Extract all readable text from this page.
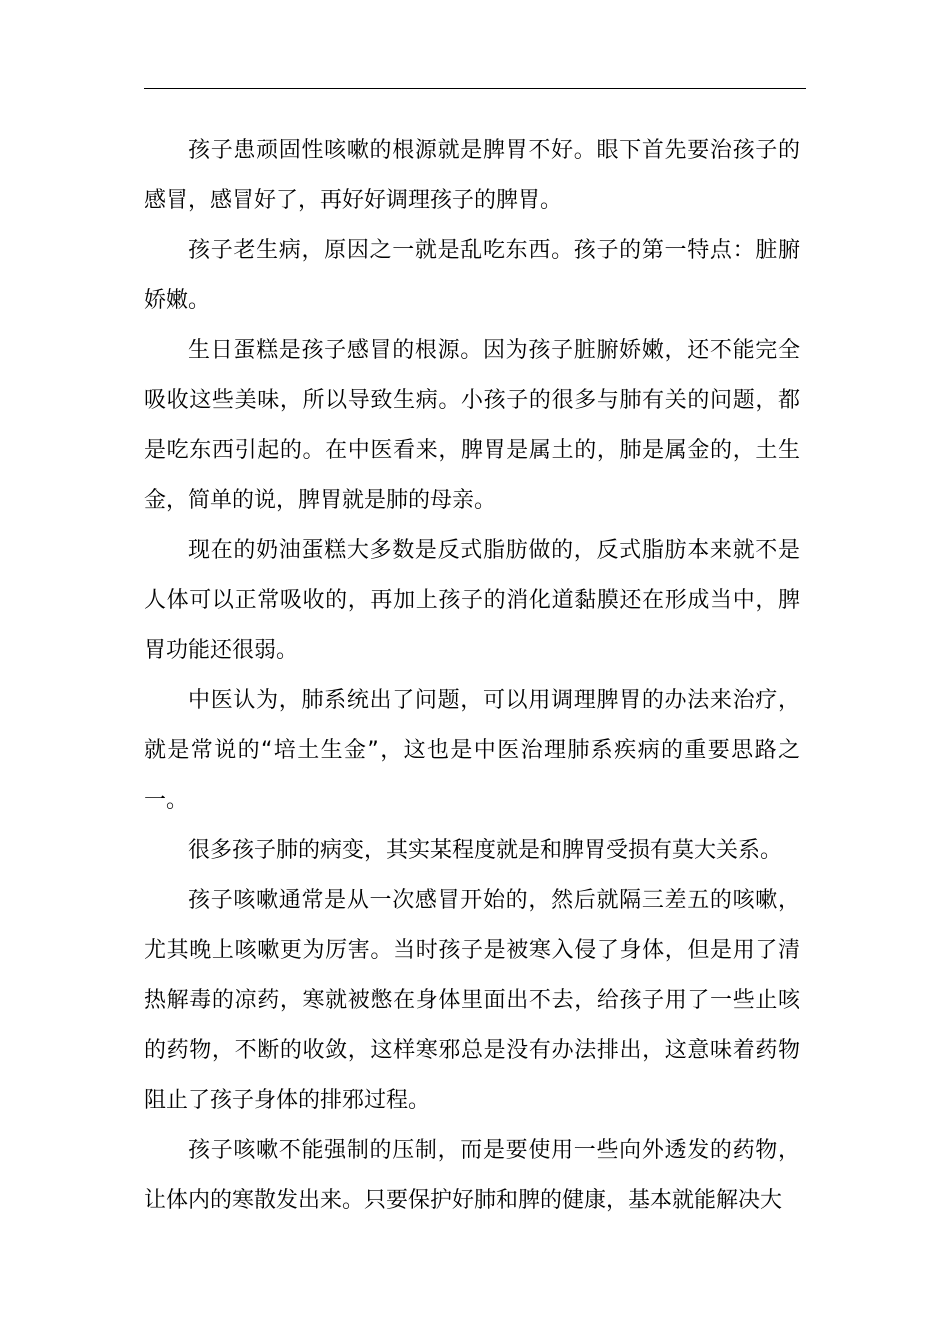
孩子患顽固性咳嗽的根源就是脾胃不好。眼下首先要治孩子的感冒，感冒好了，再好好调理孩子的脾胃。

孩子老生病，原因之一就是乱吃东西。孩子的第一特点：脏腑娇嫩。

生日蛋糕是孩子感冒的根源。因为孩子脏腑娇嫩，还不能完全吸收这些美味，所以导致生病。小孩子的很多与肺有关的问题，都是吃东西引起的。在中医看来，脾胃是属土的，肺是属金的，土生金，简单的说，脾胃就是肺的母亲。

现在的奶油蛋糕大多数是反式脂肪做的，反式脂肪本来就不是人体可以正常吸收的，再加上孩子的消化道黏膜还在形成当中，脾胃功能还很弱。

中医认为，肺系统出了问题，可以用调理脾胃的办法来治疗，就是常说的“培土生金”，这也是中医治理肺系疾病的重要思路之一。

很多孩子肺的病变，其实某程度就是和脾胃受损有莫大关系。

孩子咳嗽通常是从一次感冒开始的，然后就隔三差五的咳嗽，尤其晚上咳嗽更为厉害。当时孩子是被寒入侵了身体，但是用了清热解毒的凉药，寒就被憋在身体里面出不去，给孩子用了一些止咳的药物，不断的收敛，这样寒邪总是没有办法排出，这意味着药物阻止了孩子身体的排邪过程。

孩子咳嗽不能强制的压制，而是要使用一些向外透发的药物，让体内的寒散发出来。只要保护好肺和脾的健康，基本就能解决大
